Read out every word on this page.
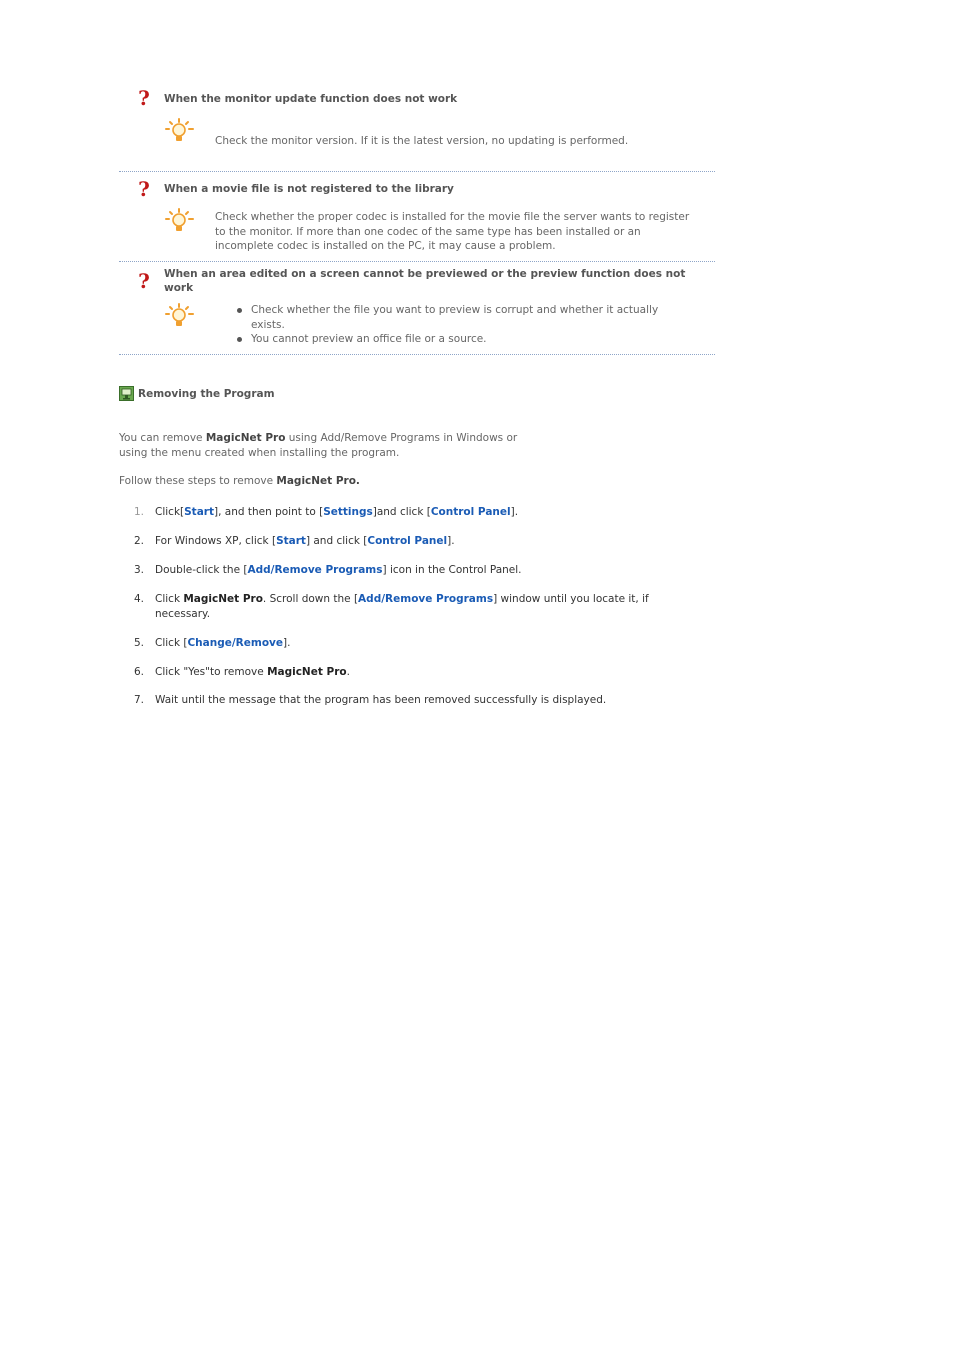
? When the monitor update function does not work
Check the monitor version. If it is the latest version, no updating is performed.
? When a movie file is not registered to the library
Check whether the proper codec is installed for the movie file the server wants to register to the monitor. If more than one codec of the same type has been installed or an incomplete codec is installed on the PC, it may cause a problem.
? When an area edited on a screen cannot be previewed or the preview function does not work
Check whether the file you want to preview is corrupt and whether it actually exists.
You cannot preview an office file or a source.
Removing the Program
You can remove MagicNet Pro using Add/Remove Programs in Windows or using the menu created when installing the program.
Follow these steps to remove MagicNet Pro.
1. Click[Start], and then point to [Settings]and click [Control Panel].
2. For Windows XP, click [Start] and click [Control Panel].
3. Double-click the [Add/Remove Programs] icon in the Control Panel.
4. Click MagicNet Pro. Scroll down the [Add/Remove Programs] window until you locate it, if necessary.
5. Click [Change/Remove].
6. Click "Yes"to remove MagicNet Pro.
7. Wait until the message that the program has been removed successfully is displayed.
